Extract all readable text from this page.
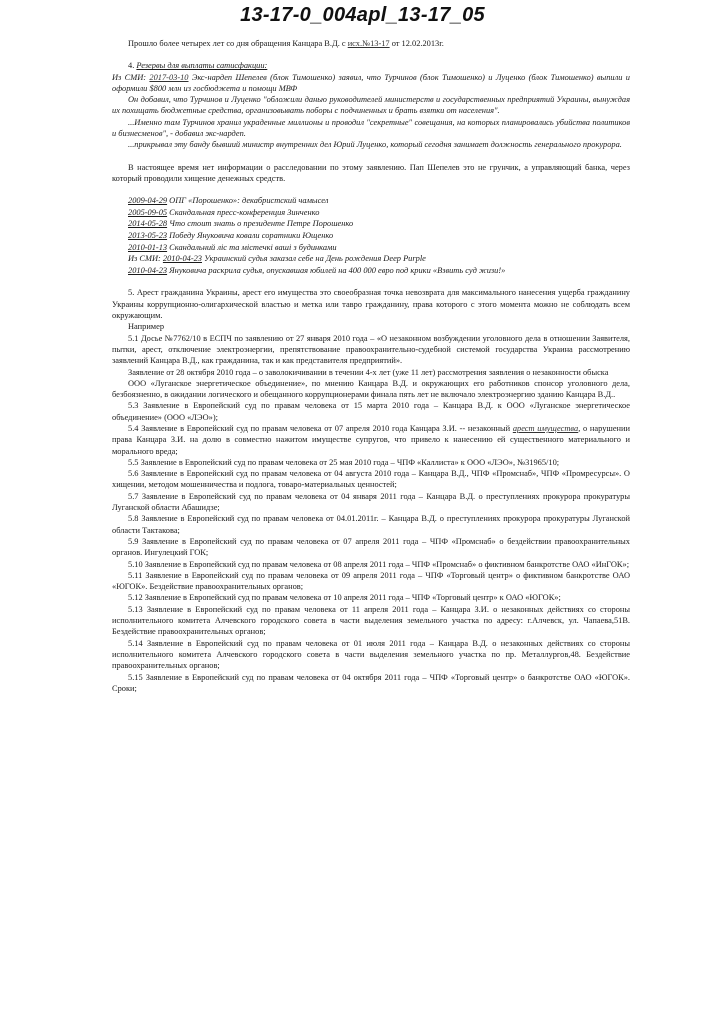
13-17-0_004apl_13-17_05

Прошло более четырех лет со дня обращения Канцара В.Д. с исх.№13-17 от 12.02.2013г.

4. Резервы для выплаты сатисфакции:

Из СМИ: 2017-03-10 Экс-нардеп Шепелев (блок Тимошенко) заявил, что Турчинов (блок Тимошенко) и Луценко (блок Тимошенко) выпили и оформили $800 млн из госбюджета и помощи МВФ

Он добавил, что Турчинов и Луценко "обложили данью руководителей министерств и государственных предприятий Украины, вынуждая их похищать бюджетные средства, организовывать поборы с подчиненных и брать взятки от населения".

...Именно там Турчинов хранил украденные миллионы и проводил "секретные" совещания, на которых планировались убийства политиков и бизнесменов", - добавил экс-нардеп.

...прикрывал эту банду бывший министр внутренних дел Юрий Луценко, который сегодня занимает должность генерального прокурора.

В настоящее время нет информации о расследовании по этому заявлению. Пап Шепелев это не грунчик, а управляющий банка, через который проводили хищение денежных средств.

2009-04-29 ОПГ «Порошенко»: декабристский чамысел
2005-09-05 Скандальная пресс-конференция Зинченко
2014-05-28 Что стоит знать о президенте Петре Порошенко
2013-05-23 Победу Януковича ковали соратники Ющенко
2010-01-13 Скандальний лiс та мiстечкi вашi з будинками
Из СМИ: 2010-04-23 Украинский судья заказал себе на День рождения Deep Purple
2010-04-23 Януковича раскрила судья, опускавшая юбилей на 400 000 евро под крики «Взвить суд жизи!»

5. Арест гражданина Украины, арест его имущества это своеобразная точка невозврата для максимального нанесения ущерба гражданину Украины коррупционно-олигархической властью и метка или тавро гражданину, права которого с этого момента можно не соблюдать всем окружающим.

Например

5.1 Досье №7762/10 в ЕСПЧ по заявлению от 27 января 2010 года – «О незаконном возбуждении уголовного дела в отношении Заявителя, пытки, арест, отключение электроэнергии, препятствование правоохранительно-судебной системой государства Украина рассмотрению заявлений Канцара В.Д., как гражданина, так и как представителя предприятий».

Заявление от 28 октября 2010 года – о заволокичивании в течении 4-х лет (уже 11 лет) рассмотрения заявления о незаконности обыска

ООО «Луганское энергетическое объединение», по мнению Канцара В.Д. и окружающих его работников спонсор уголовного дела, безбоязненно, в ожидании логического и обещанного коррупционерами финала пять лет не включало электроэнергию зданию Канцара В.Д..

5.3 Заявление в Европейский суд по правам человека от 15 марта 2010 года – Канцара В.Д. к ООО «Луганское энергетическое объединение» (ООО «ЛЭО»);

5.4 Заявление в Европейский суд по правам человека от 07 апреля 2010 года Канцара З.И. -- незаконный арест имущества, о нарушении права Канцара З.И. на долю в совместно нажитом имуществе супругов, что привело к нанесению ей существенного материального и морального вреда;

5.5 Заявление в Европейский суд по правам человека от 25 мая 2010 года – ЧПФ «Каллиста» к ООО «ЛЭО», №31965/10;

5.6 Заявление в Европейский суд по правам человека от 04 августа 2010 года – Канцара В.Д., ЧПФ «Промснаб», ЧПФ «Промресурсы». О хищении, методом мошенничества и подлога, товаро-материальных ценностей;

5.7 Заявление в Европейский суд по правам человека от 04 января 2011 года – Канцара В.Д. о преступлениях прокурора прокуратуры Луганской области Абашидзе;

5.8 Заявление в Европейский суд по правам человека от 04.01.2011г. – Канцара В.Д. о преступлениях прокурора прокуратуры Луганской области Тактакова;

5.9 Заявление в Европейский суд по правам человека от 07 апреля 2011 года – ЧПФ «Промснаб» о бездействии правоохранительных органов. Ингулецкий ГОК;

5.10 Заявление в Европейский суд по правам человека от 08 апреля 2011 года – ЧПФ «Промснаб» о фиктивном банкротстве ОАО «ИнГОК»;

5.11 Заявление в Европейский суд по правам человека от 09 апреля 2011 года – ЧПФ «Торговый центр» о фиктивном банкротстве ОАО «ЮГОК». Бездействие правоохранительных органов;

5.12 Заявление в Европейский суд по правам человека от 10 апреля 2011 года – ЧПФ «Торговый центр» к ОАО «ЮГОК»;

5.13 Заявление в Европейский суд по правам человека от 11 апреля 2011 года – Канцара З.И. о незаконных действиях со стороны исполнительного комитета Алчевского городского совета в части выделения земельного участка по адресу: г.Алчевск, ул. Чапаева,51В. Бездействие правоохранительных органов;

5.14 Заявление в Европейский суд по правам человека от 01 июля 2011 года – Канцара В.Д. о незаконных действиях со стороны исполнительного комитета Алчевского городского совета в части выделения земельного участка по пр. Металлургов,48. Бездействие правоохранительных органов;

5.15 Заявление в Европейский суд по правам человека от 04 октября 2011 года – ЧПФ «Торговый центр» о банкротстве ОАО «ЮГОК». Сроки;
